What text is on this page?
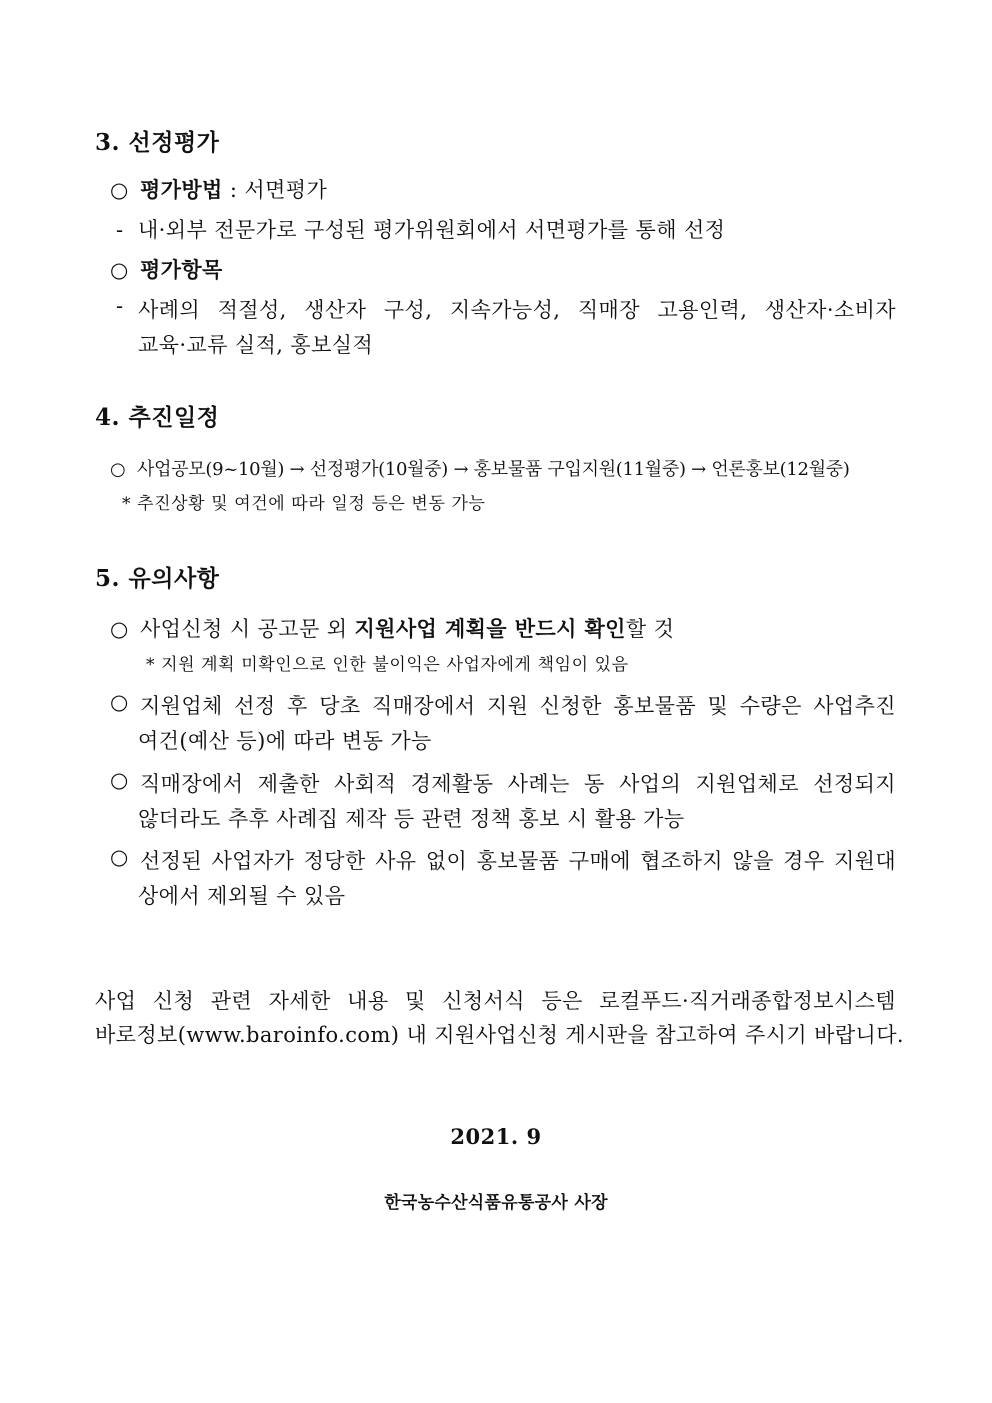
3. 선정평가
○ 평가방법 : 서면평가
- 내·외부 전문가로 구성된 평가위원회에서 서면평가를 통해 선정
○ 평가항목
- 사례의 적절성, 생산자 구성, 지속가능성, 직매장 고용인력, 생산자·소비자
교육·교류 실적, 홍보실적
4. 추진일정
○ 사업공모(9~10월) → 선정평가(10월중) → 홍보물품 구입지원(11월중) → 언론홍보(12월중)
* 추진상황 및 여건에 따라 일정 등은 변동 가능
5. 유의사항
○ 사업신청 시 공고문 외 지원사업 계획을 반드시 확인할 것
* 지원 계획 미확인으로 인한 불이익은 사업자에게 책임이 있음
○ 지원업체 선정 후 당초 직매장에서 지원 신청한 홍보물품 및 수량은 사업추진
여건(예산 등)에 따라 변동 가능
○ 직매장에서 제출한 사회적 경제활동 사례는 동 사업의 지원업체로 선정되지
않더라도 추후 사례집 제작 등 관련 정책 홍보 시 활용 가능
○ 선정된 사업자가 정당한 사유 없이 홍보물품 구매에 협조하지 않을 경우 지원대
상에서 제외될 수 있음
사업 신청 관련 자세한 내용 및 신청서식 등은 로컬푸드·직거래종합정보시스템
바로정보(www.baroinfo.com) 내 지원사업신청 게시판을 참고하여 주시기 바랍니다.
2021. 9
한국농수산식품유통공사 사장
